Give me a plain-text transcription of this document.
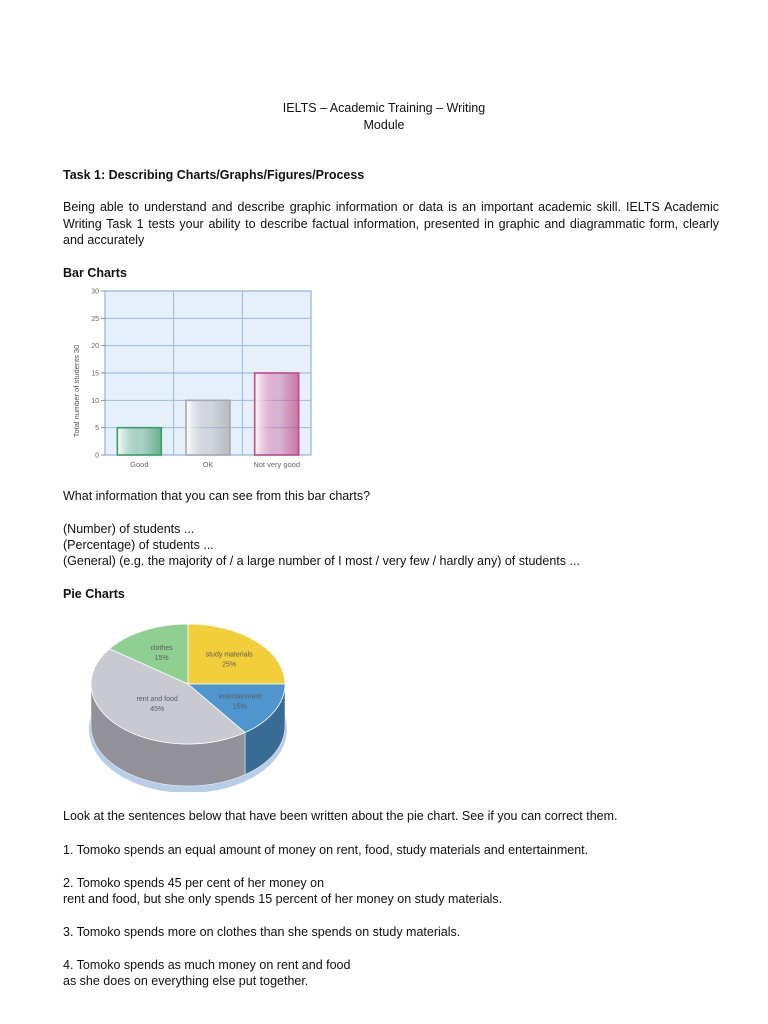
IELTS – Academic Training – Writing
Module
Task 1: Describing Charts/Graphs/Figures/Process
Being able to understand and describe graphic information or data is an important academic skill. IELTS Academic Writing Task 1 tests your ability to describe factual information, presented in graphic and diagrammatic form, clearly and accurately
Bar Charts
0
5
10
15
20
25
30
Good	OK	Not very good
Total number of students 30
What information that you can see from this bar charts?
(Number) of students ...
(Percentage) of students ...
(General) (e.g. the majority of / a large number of I most / very few / hardly any) of students ...
Pie Charts
study materials
25%
entertainment
15%
rent and food
45%
clothes
15%
Look at the sentences below that have been written about the pie chart. See if you can correct them.
1. Tomoko spends an equal amount of money on rent, food, study materials and entertainment.
2. Tomoko spends 45 per cent of her money on
rent and food, but she only spends 15 percent of her money on study materials.
3. Tomoko spends more on clothes than she spends on study materials.
4. Tomoko spends as much money on rent and food
as she does on everything else put together.
